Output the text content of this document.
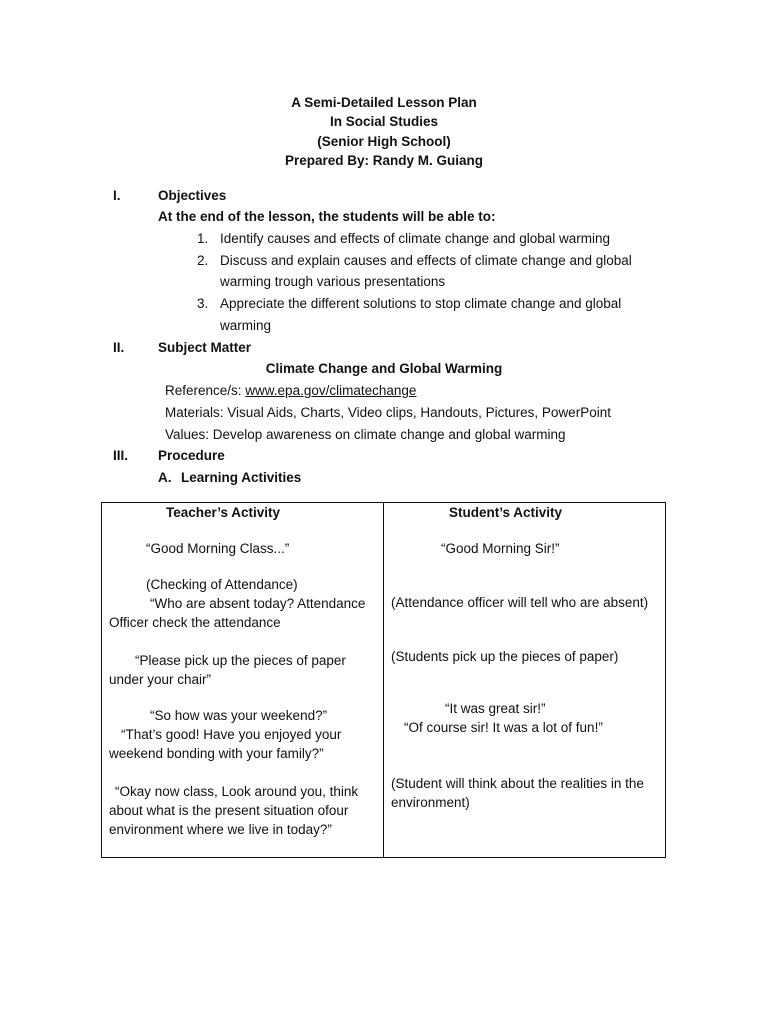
A Semi-Detailed Lesson Plan
In Social Studies
(Senior High School)
Prepared By: Randy M. Guiang
I.	Objectives
At the end of the lesson, the students will be able to:
1. Identify causes and effects of climate change and global warming
2. Discuss and explain causes and effects of climate change and global
warming trough various presentations
3. Appreciate the different solutions to stop climate change and global
warming
II. Subject Matter
Climate Change and Global Warming
Reference/s: www.epa.gov/climatechange
Materials: Visual Aids, Charts, Video clips, Handouts, Pictures, PowerPoint
Values: Develop awareness on climate change and global warming
III. Procedure
A. Learning Activities
Teacher’s Activity
“Good Morning Class...”
(Checking of Attendance)
“Who are absent today? Attendance
Officer check the attendance
“Please pick up the pieces of paper
under your chair”
“So how was your weekend?”
“That’s good! Have you enjoyed your
weekend bonding with your family?”
“Okay now class, Look around you, think
about what is the present situation ofour
environment where we live in today?”
Student’s Activity
“Good Morning Sir!”
(Attendance officer will tell who are absent)
(Students pick up the pieces of paper)
“It was great sir!”
“Of course sir! It was a lot of fun!”
(Student will think about the realities in the
environment)
